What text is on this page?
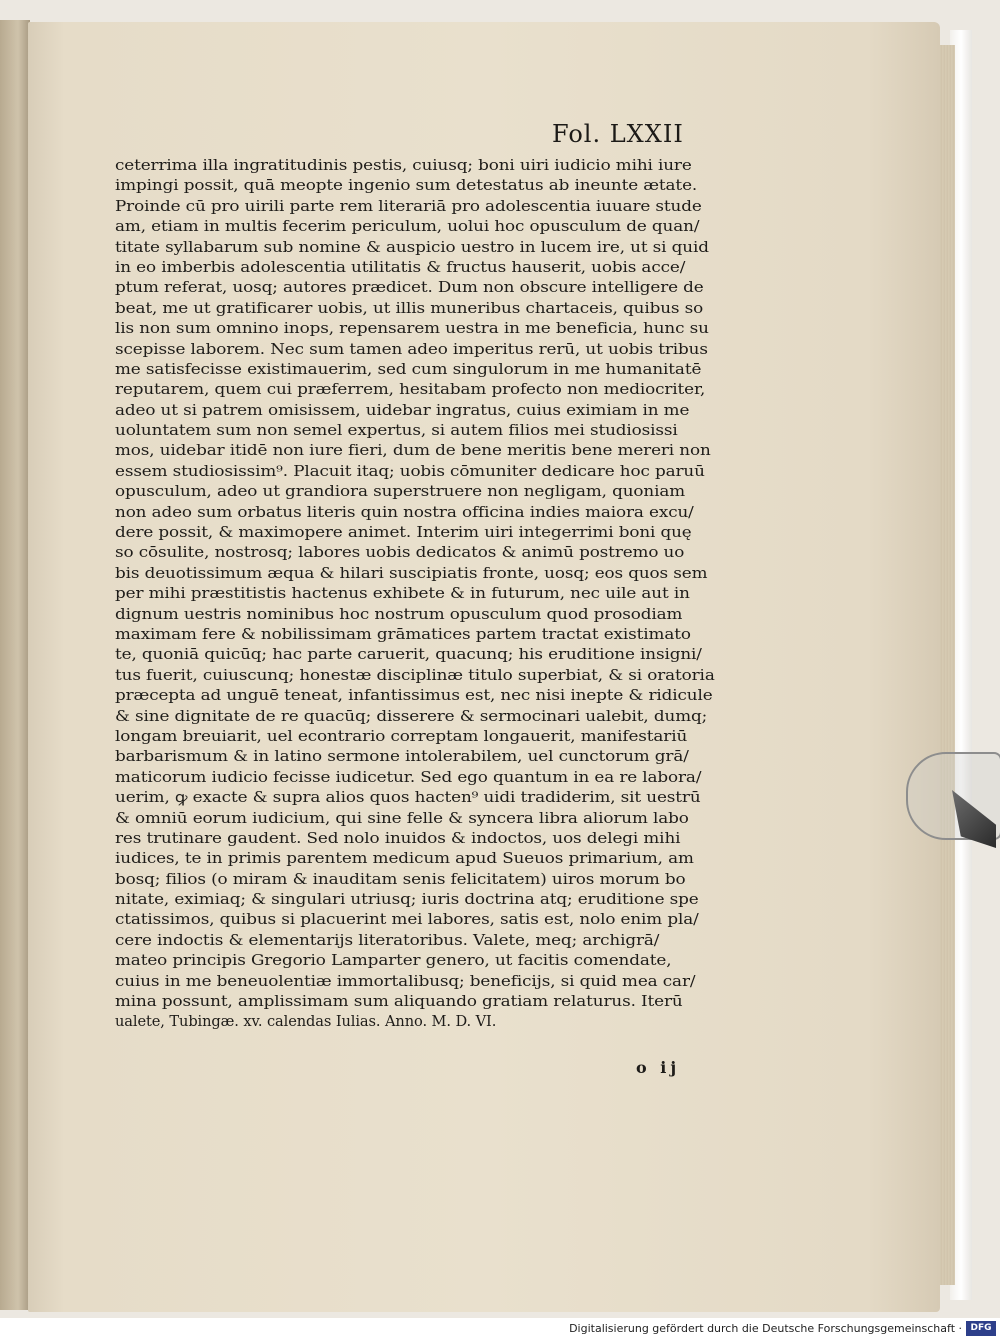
Fol. LXXII
ceterrima illa ingratitudinis pestis, cuiusq; boni uiri iudicio mihi iure
impingi possit, quā meopte ingenio sum detestatus ab ineunte ætate.
Proinde cū pro uirili parte rem literariā pro adolescentia iuuare stude
am, etiam in multis fecerim periculum, uolui hoc opusculum de quan/
titate syllabarum sub nomine & auspicio uestro in lucem ire, ut si quid
in eo imberbis adolescentia utilitatis & fructus hauserit, uobis acce/
ptum referat, uosq; autores prædicet. Dum non obscure intelligere de
beat, me ut gratificarer uobis, ut illis muneribus chartaceis, quibus so
lis non sum omnino inops, repensarem uestra in me beneficia, hunc su
scepisse laborem. Nec sum tamen adeo imperitus rerū, ut uobis tribus
me satisfecisse existimauerim, sed cum singulorum in me humanitatē
reputarem, quem cui præferrem, hesitabam profecto non mediocriter,
adeo ut si patrem omisissem, uidebar ingratus, cuius eximiam in me
uoluntatem sum non semel expertus, si autem filios mei studiosissi
mos, uidebar itidē non iure fieri, dum de bene meritis bene mereri non
essem studiosissim⁹. Placuit itaq; uobis cōmuniter dedicare hoc paruū
opusculum, adeo ut grandiora superstruere non negligam, quoniam
non adeo sum orbatus literis quin nostra officina indies maiora excu/
dere possit, & maximopere animet. Interim uiri integerrimi boni quę
so cōsulite, nostrosq; labores uobis dedicatos & animū postremo uo
bis deuotissimum æqua & hilari suscipiatis fronte, uosq; eos quos sem
per mihi præstitistis hactenus exhibete & in futurum, nec uile aut in
dignum uestris nominibus hoc nostrum opusculum quod prosodiam
maximam fere & nobilissimam grāmatices partem tractat existimato
te, quoniā quicūq; hac parte caruerit, quacunq; his eruditione insigni/
tus fuerit, cuiuscunq; honestæ disciplinæ titulo superbiat, & si oratoria
præcepta ad unguē teneat, infantissimus est, nec nisi inepte & ridicule
& sine dignitate de re quacūq; disserere & sermocinari ualebit, dumq;
longam breuiarit, uel econtrario correptam longauerit, manifestariū
barbarismum & in latino sermone intolerabilem, uel cunctorum grā/
maticorum iudicio fecisse iudicetur. Sed ego quantum in ea re labora/
uerim, ꝙ exacte & supra alios quos hacten⁹ uidi tradiderim, sit uestrū
& omniū eorum iudicium, qui sine felle & syncera libra aliorum labo
res trutinare gaudent. Sed nolo inuidos & indoctos, uos delegi mihi
iudices, te in primis parentem medicum apud Sueuos primarium, am
bosq; filios (o miram & inauditam senis felicitatem) uiros morum bo
nitate, eximiaq; & singulari utriusq; iuris doctrina atq; eruditione spe
ctatissimos, quibus si placuerint mei labores, satis est, nolo enim pla/
cere indoctis & elementarijs literatoribus. Valete, meq; archigrā/
mateo principis Gregorio Lamparter genero, ut facitis comendate,
cuius in me beneuolentiæ immortalibusq; beneficijs, si quid mea car/
mina possunt, amplissimam sum aliquando gratiam relaturus. Iterū
ualete, Tubingæ. xv. calendas Iulias. Anno. M. D. VI.
o ij
Digitalisierung gefördert durch die Deutsche Forschungsgemeinschaft · DFG
